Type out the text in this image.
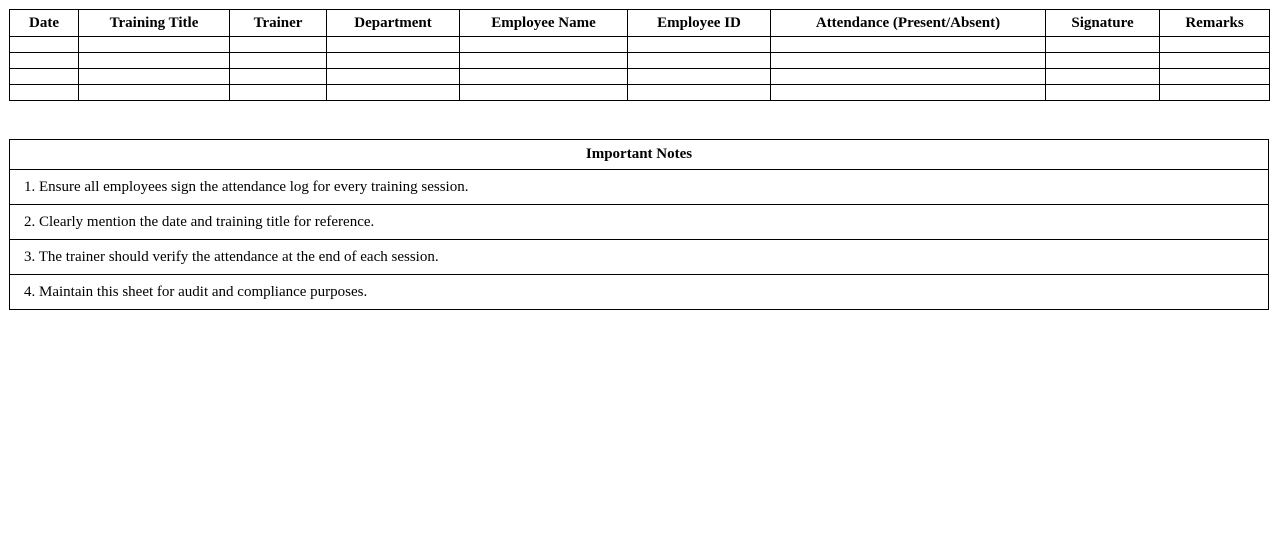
Date	Training Title	Trainer	Department	Employee Name	Employee ID	Attendance (Present/Absent)	Signature	Remarks

Important Notes
1. Ensure all employees sign the attendance log for every training session.
2. Clearly mention the date and training title for reference.
3. The trainer should verify the attendance at the end of each session.
4. Maintain this sheet for audit and compliance purposes.
